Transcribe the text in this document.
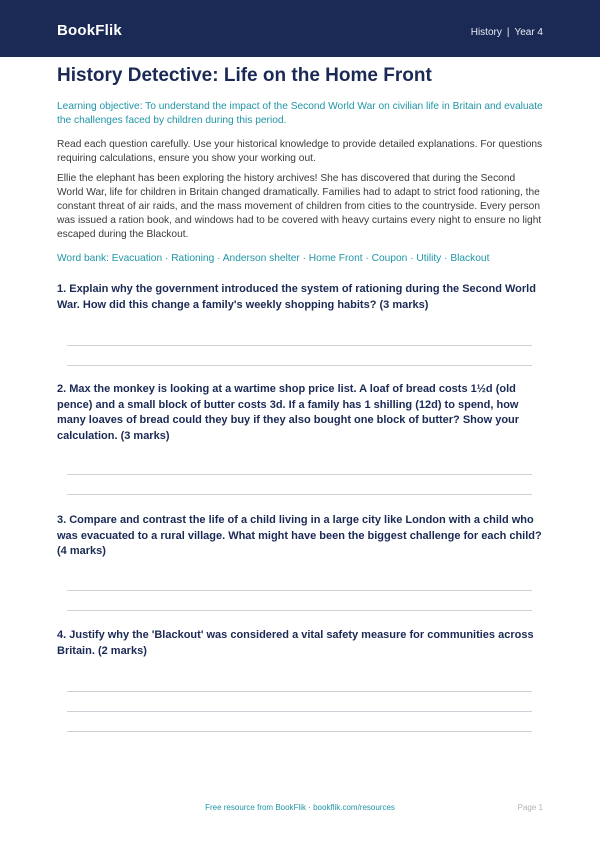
BookFlik	History | Year 4
History Detective: Life on the Home Front

Learning objective: To understand the impact of the Second World War on civilian life in Britain and evaluate the challenges faced by children during this period.

Read each question carefully. Use your historical knowledge to provide detailed explanations. For questions requiring calculations, ensure you show your working out.

Ellie the elephant has been exploring the history archives! She has discovered that during the Second World War, life for children in Britain changed dramatically. Families had to adapt to strict food rationing, the constant threat of air raids, and the mass movement of children from cities to the countryside. Every person was issued a ration book, and windows had to be covered with heavy curtains every night to ensure no light escaped during the Blackout.

Word bank: Evacuation · Rationing · Anderson shelter · Home Front · Coupon · Utility · Blackout

1. Explain why the government introduced the system of rationing during the Second World War. How did this change a family's weekly shopping habits? (3 marks)

2. Max the monkey is looking at a wartime shop price list. A loaf of bread costs 1½d (old pence) and a small block of butter costs 3d. If a family has 1 shilling (12d) to spend, how many loaves of bread could they buy if they also bought one block of butter? Show your calculation. (3 marks)

3. Compare and contrast the life of a child living in a large city like London with a child who was evacuated to a rural village. What might have been the biggest challenge for each child? (4 marks)

4. Justify why the 'Blackout' was considered a vital safety measure for communities across Britain. (2 marks)

Free resource from BookFlik · bookflik.com/resources	Page 1
